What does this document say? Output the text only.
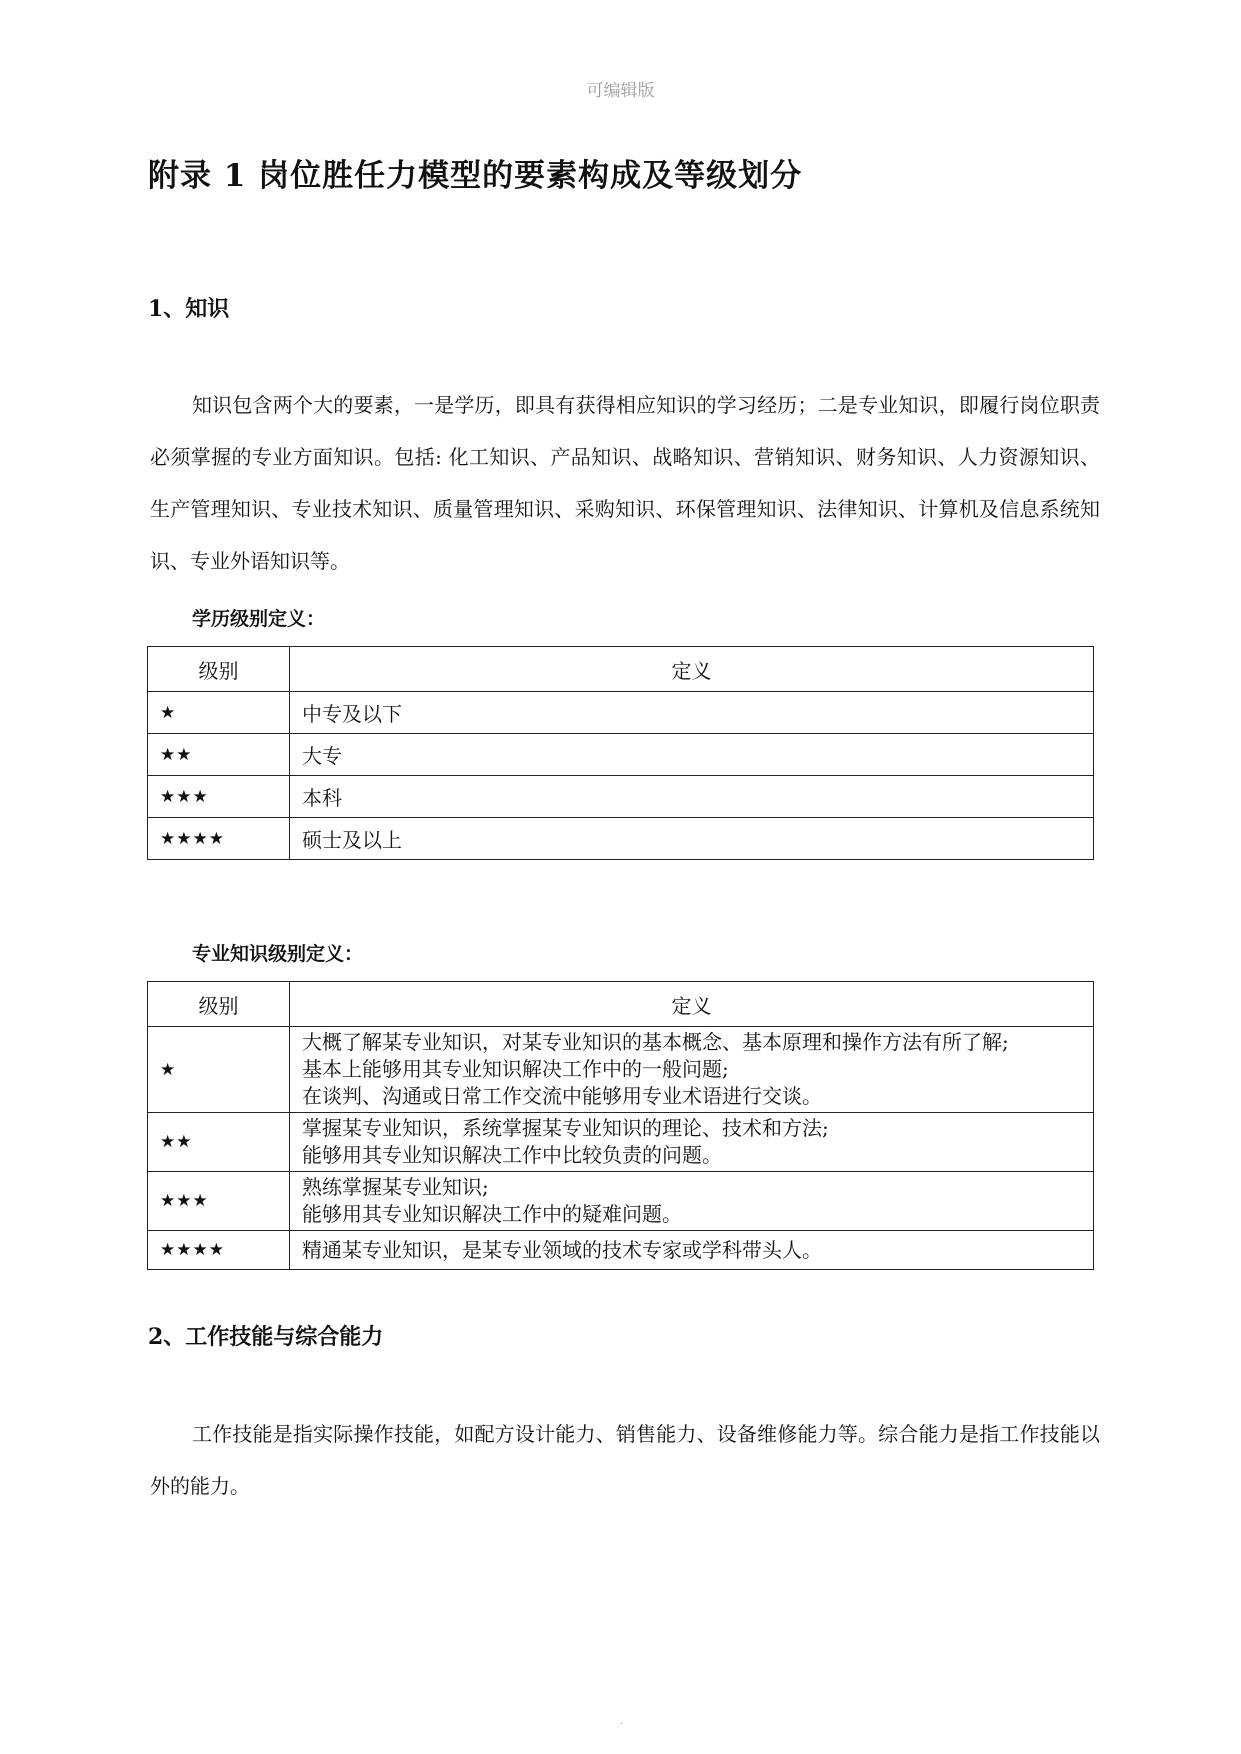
可编辑版
附录 1 岗位胜任力模型的要素构成及等级划分
1、知识
知识包含两个大的要素，一是学历，即具有获得相应知识的学习经历；二是专业知识，即履行岗位职责必须掌握的专业方面知识。包括: 化工知识、产品知识、战略知识、营销知识、财务知识、人力资源知识、生产管理知识、专业技术知识、质量管理知识、采购知识、环保管理知识、法律知识、计算机及信息系统知识、专业外语知识等。
学历级别定义：
级别	定义
★	中专及以下
★★	大专
★★★	本科
★★★★	硕士及以上
专业知识级别定义：
级别	定义
★	大概了解某专业知识，对某专业知识的基本概念、基本原理和操作方法有所了解;
基本上能够用其专业知识解决工作中的一般问题;
在谈判、沟通或日常工作交流中能够用专业术语进行交谈。

★★	掌握某专业知识，系统掌握某专业知识的理论、技术和方法;
能够用其专业知识解决工作中比较负责的问题。

★★★	熟练掌握某专业知识;
能够用其专业知识解决工作中的疑难问题。

★★★★	精通某专业知识，是某专业领域的技术专家或学科带头人。
2、工作技能与综合能力
工作技能是指实际操作技能，如配方设计能力、销售能力、设备维修能力等。综合能力是指工作技能以外的能力。
.
